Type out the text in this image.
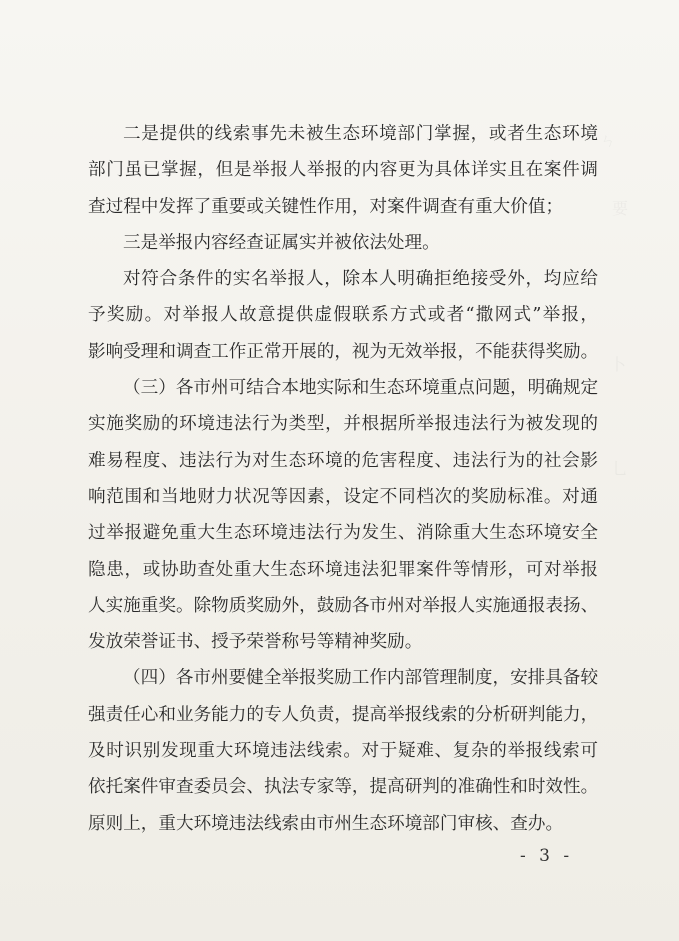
ㄣ
要
卜
乚
二是提供的线索事先未被生态环境部门掌握，或者生态环境
部门虽已掌握，但是举报人举报的内容更为具体详实且在案件调
查过程中发挥了重要或关键性作用，对案件调查有重大价值；
三是举报内容经查证属实并被依法处理。
对符合条件的实名举报人，除本人明确拒绝接受外，均应给
予奖励。对举报人故意提供虚假联系方式或者“撒网式”举报，
影响受理和调查工作正常开展的，视为无效举报，不能获得奖励。
（三）各市州可结合本地实际和生态环境重点问题，明确规定
实施奖励的环境违法行为类型，并根据所举报违法行为被发现的
难易程度、违法行为对生态环境的危害程度、违法行为的社会影
响范围和当地财力状况等因素，设定不同档次的奖励标准。对通
过举报避免重大生态环境违法行为发生、消除重大生态环境安全
隐患，或协助查处重大生态环境违法犯罪案件等情形，可对举报
人实施重奖。除物质奖励外，鼓励各市州对举报人实施通报表扬、
发放荣誉证书、授予荣誉称号等精神奖励。
（四）各市州要健全举报奖励工作内部管理制度，安排具备较
强责任心和业务能力的专人负责，提高举报线索的分析研判能力，
及时识别发现重大环境违法线索。对于疑难、复杂的举报线索可
依托案件审查委员会、执法专家等，提高研判的准确性和时效性。
原则上，重大环境违法线索由市州生态环境部门审核、查办。
- 3 -
